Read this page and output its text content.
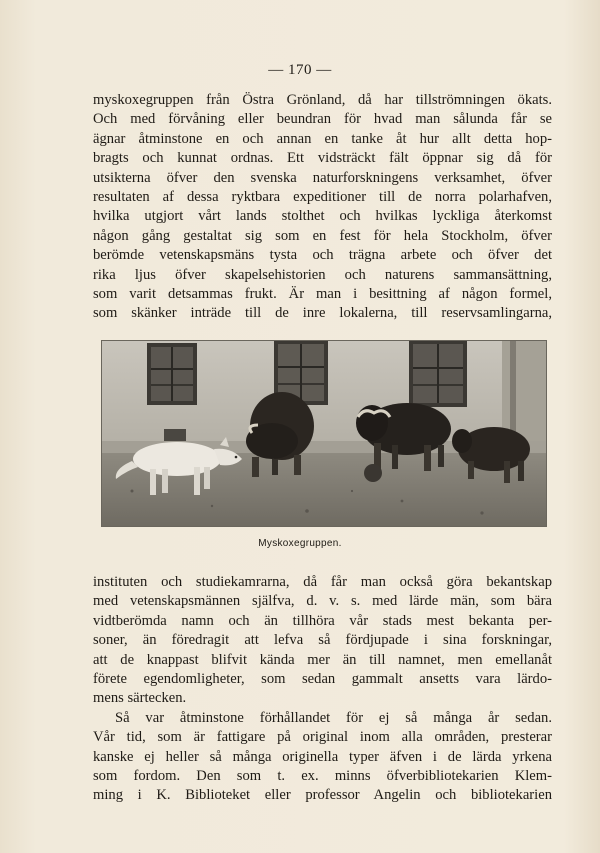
— 170 —
myskoxegruppen från Östra Grönland, då har tillströmningen ökats.
Och med förvåning eller beundran för hvad man sålunda får se
ägnar åtminstone en och annan en tanke åt hur allt detta hop-
bragts och kunnat ordnas. Ett vidsträckt fält öppnar sig då för
utsikterna öfver den svenska naturforskningens verksamhet, öfver
resultaten af dessa ryktbara expeditioner till de norra polarhafven,
hvilka utgjort vårt lands stolthet och hvilkas lyckliga återkomst
någon gång gestaltat sig som en fest för hela Stockholm, öfver
berömde vetenskapsmäns tysta och trägna arbete och öfver det
rika ljus öfver skapelsehistorien och naturens sammansättning,
som varit detsammas frukt. Är man i besittning af någon formel,
som skänker inträde till de inre lokalerna, till reservsamlingarna,
Myskoxegruppen.
instituten och studiekamrarna, då får man också göra bekantskap
med vetenskapsmännen själfva, d. v. s. med lärde män, som bära
vidtberömda namn och än tillhöra vår stads mest bekanta per-
soner, än föredragit att lefva så fördjupade i sina forskningar,
att de knappast blifvit kända mer än till namnet, men emellanåt
förete egendomligheter, som sedan gammalt ansetts vara lärdo-
mens särtecken.
Så var åtminstone förhållandet för ej så många år sedan.
Vår tid, som är fattigare på original inom alla områden, presterar
kanske ej heller så många originella typer äfven i de lärda yrkena
som fordom. Den som t. ex. minns öfverbibliotekarien Klem-
ming i K. Biblioteket eller professor Angelin och bibliotekarien
